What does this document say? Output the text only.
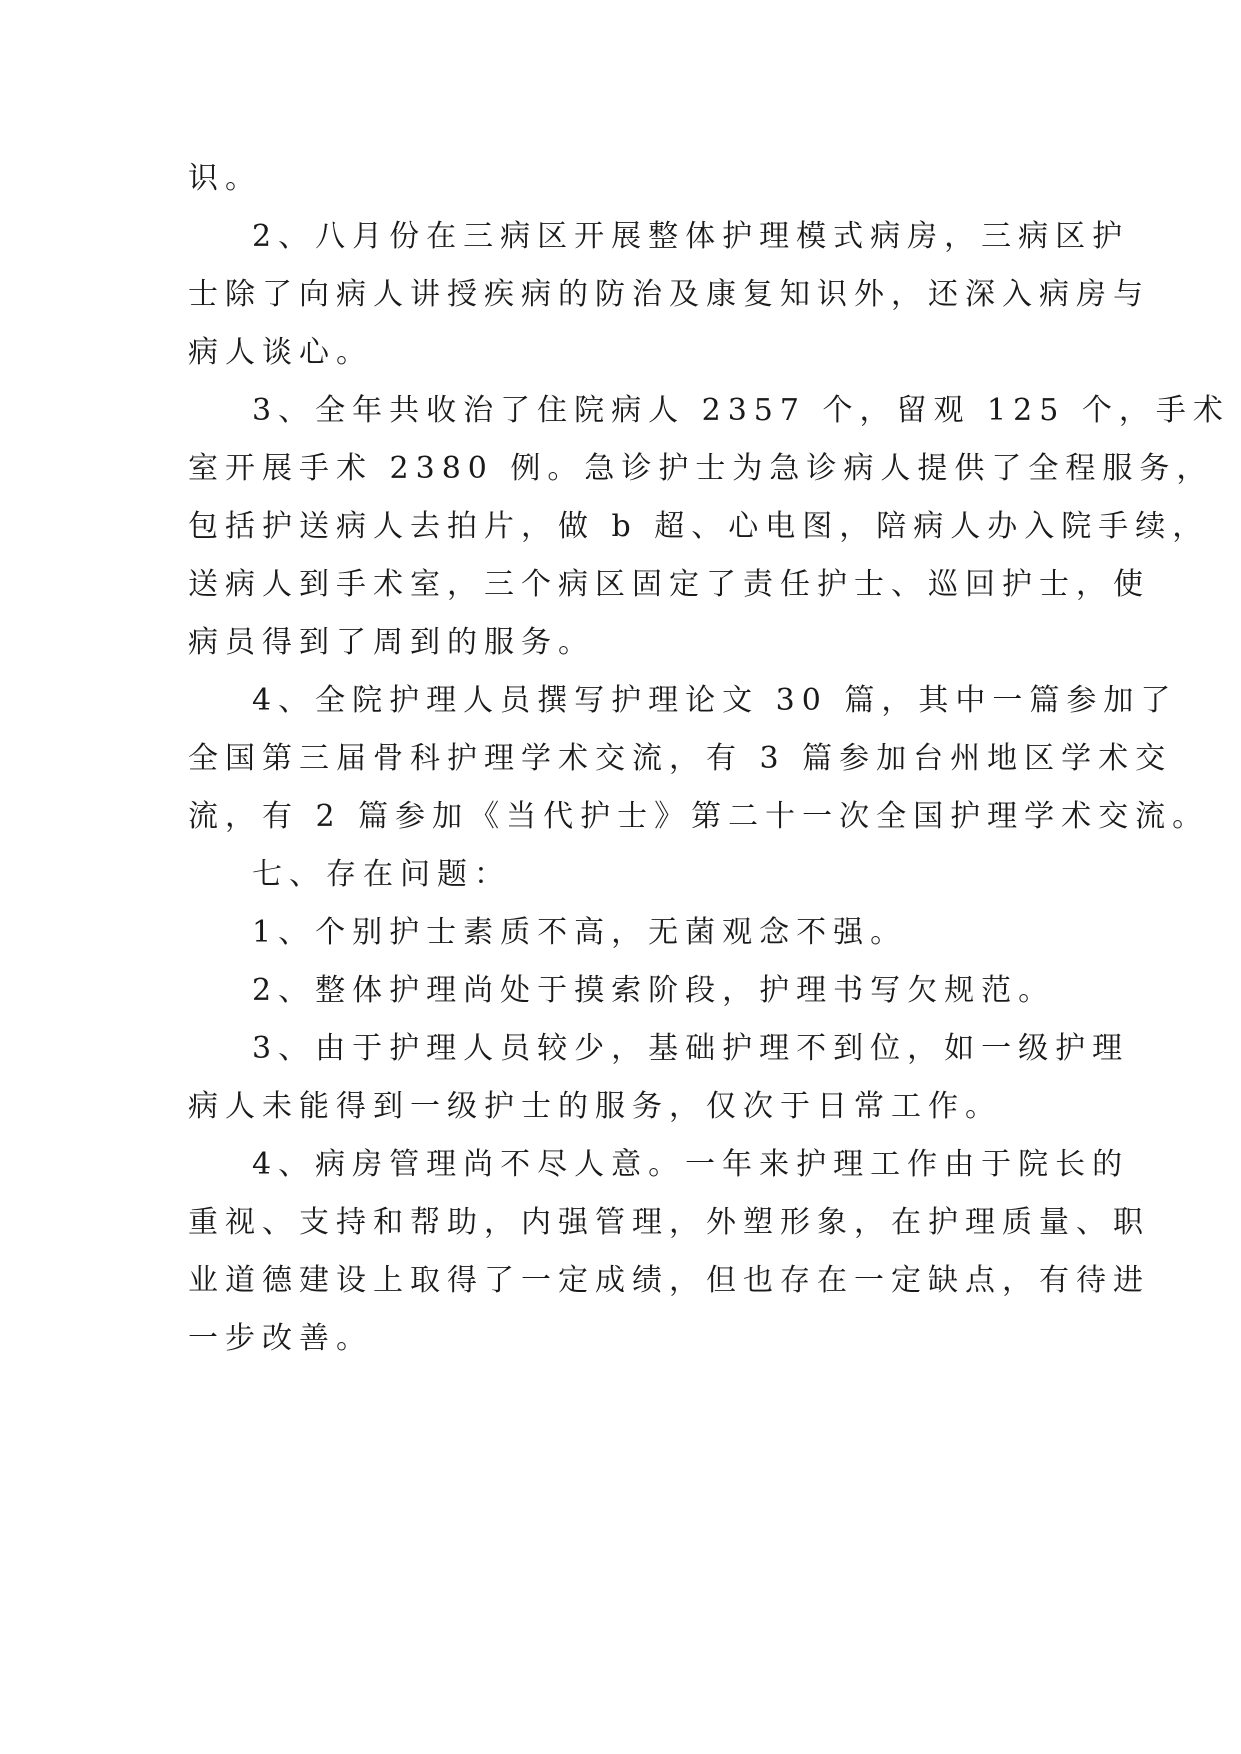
识。
2、八月份在三病区开展整体护理模式病房，三病区护
士除了向病人讲授疾病的防治及康复知识外，还深入病房与
病人谈心。
3、全年共收治了住院病人 2357 个，留观 125 个，手术
室开展手术 2380 例。急诊护士为急诊病人提供了全程服务，
包括护送病人去拍片，做 b 超、心电图，陪病人办入院手续，
送病人到手术室，三个病区固定了责任护士、巡回护士，使
病员得到了周到的服务。
4、全院护理人员撰写护理论文 30 篇，其中一篇参加了
全国第三届骨科护理学术交流，有 3 篇参加台州地区学术交
流，有 2 篇参加《当代护士》第二十一次全国护理学术交流。
七、存在问题：
1、个别护士素质不高，无菌观念不强。
2、整体护理尚处于摸索阶段，护理书写欠规范。
3、由于护理人员较少，基础护理不到位，如一级护理
病人未能得到一级护士的服务，仅次于日常工作。
4、病房管理尚不尽人意。一年来护理工作由于院长的
重视、支持和帮助，内强管理，外塑形象，在护理质量、职
业道德建设上取得了一定成绩，但也存在一定缺点，有待进
一步改善。
